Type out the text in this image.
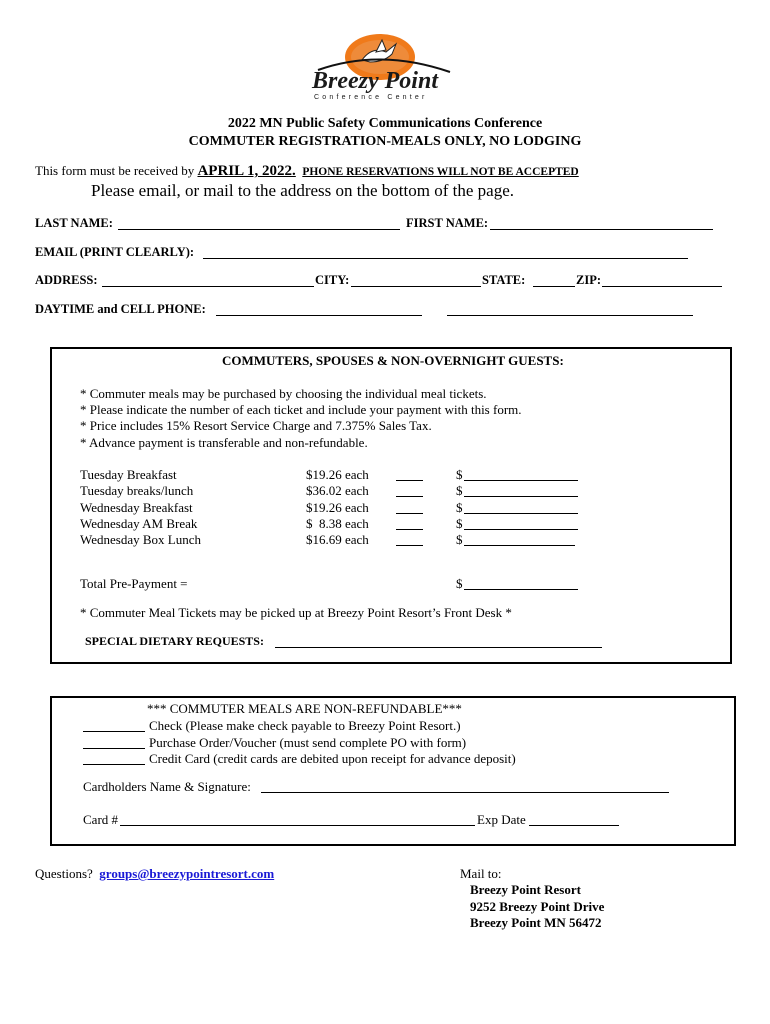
Breezy Point
Conference Center
2022 MN Public Safety Communications Conference
COMMUTER REGISTRATION-MEALS ONLY, NO LODGING
This form must be received by APRIL 1, 2022. PHONE RESERVATIONS WILL NOT BE ACCEPTED
Please email, or mail to the address on the bottom of the page.
LAST NAME:	FIRST NAME:
EMAIL (PRINT CLEARLY):
ADDRESS:	CITY:	STATE:	ZIP:
DAYTIME and CELL PHONE:
COMMUTERS, SPOUSES & NON-OVERNIGHT GUESTS:
* Commuter meals may be purchased by choosing the individual meal tickets.
* Please indicate the number of each ticket and include your payment with this form.
* Price includes 15% Resort Service Charge and 7.375% Sales Tax.
* Advance payment is transferable and non-refundable.
Tuesday Breakfast	$19.26 each	$
Tuesday breaks/lunch	$36.02 each	$
Wednesday Breakfast	$19.26 each	$
Wednesday AM Break	$  8.38 each	$
Wednesday Box Lunch	$16.69 each	$
Total Pre-Payment =	$
* Commuter Meal Tickets may be picked up at Breezy Point Resort’s Front Desk *
SPECIAL DIETARY REQUESTS:
*** COMMUTER MEALS ARE NON-REFUNDABLE***
Check (Please make check payable to Breezy Point Resort.)
Purchase Order/Voucher (must send complete PO with form)
Credit Card (credit cards are debited upon receipt for advance deposit)
Cardholders Name & Signature:
Card #	Exp Date
Questions? groups@breezypointresort.com	Mail to:
Breezy Point Resort
9252 Breezy Point Drive
Breezy Point MN 56472
